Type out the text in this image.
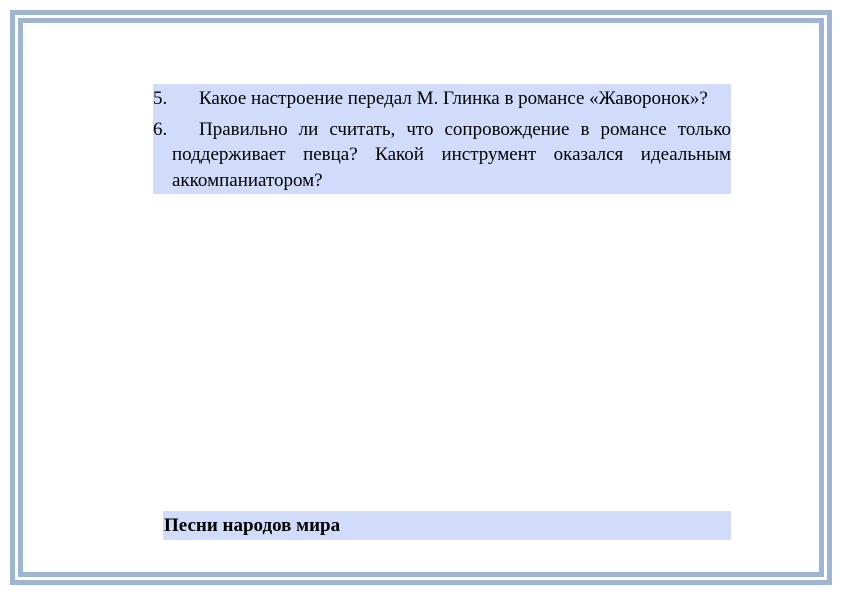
5.	Какое настроение передал М. Глинка в романсе «Жаворонок»?
6.	Правильно ли считать, что сопровождение в романсе только поддерживает певца? Какой инструмент оказался идеальным аккомпаниатором?
Песни народов мира
